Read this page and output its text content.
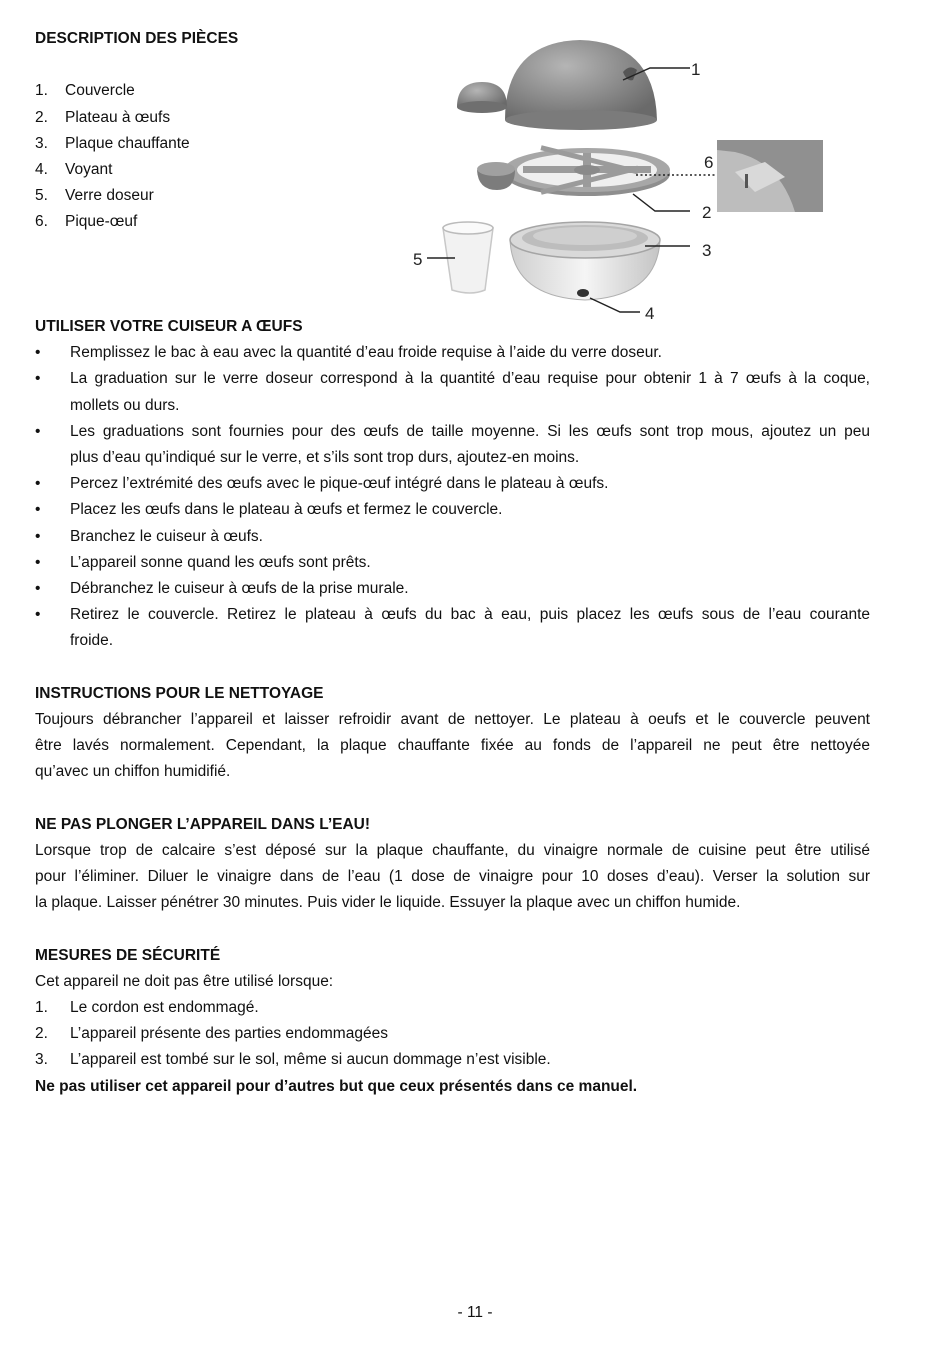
DESCRIPTION DES PIÈCES
1. Couvercle
2. Plateau à œufs
3. Plaque chauffante
4. Voyant
5. Verre doseur
6. Pique-œuf
UTILISER VOTRE CUISEUR A ŒUFS
• Remplissez le bac à eau avec la quantité d’eau froide requise à l’aide du verre doseur.
• La graduation sur le verre doseur correspond à la quantité d’eau requise pour obtenir 1 à 7 œufs à la coque,
mollets ou durs.
• Les graduations sont fournies pour des œufs de taille moyenne. Si les œufs sont trop mous, ajoutez un peu
plus d’eau qu’indiqué sur le verre, et s’ils sont trop durs, ajoutez-en moins.
• Percez l’extrémité des œufs avec le pique-œuf intégré dans le plateau à œufs.
• Placez les œufs dans le plateau à œufs et fermez le couvercle.
• Branchez le cuiseur à œufs.
• L’appareil sonne quand les œufs sont prêts.
• Débranchez le cuiseur à œufs de la prise murale.
• Retirez le couvercle. Retirez le plateau à œufs du bac à eau, puis placez les œufs sous de l’eau courante
froide.
INSTRUCTIONS POUR LE NETTOYAGE
Toujours débrancher l’appareil et laisser refroidir avant de nettoyer. Le plateau à oeufs et le couvercle peuvent
être lavés normalement. Cependant, la plaque chauffante fixée au fonds de l’appareil ne peut être nettoyée
qu’avec un chiffon humidifié.
NE PAS PLONGER L’APPAREIL DANS L’EAU!
Lorsque trop de calcaire s’est déposé sur la plaque chauffante, du vinaigre normale de cuisine peut être utilisé
pour l’éliminer. Diluer le vinaigre dans de l’eau (1 dose de vinaigre pour 10 doses d’eau). Verser la solution sur
la plaque. Laisser pénétrer 30 minutes. Puis vider le liquide. Essuyer la plaque avec un chiffon humide.
MESURES DE SÉCURITÉ
Cet appareil ne doit pas être utilisé lorsque:
1. Le cordon est endommagé.
2. L’appareil présente des parties endommagées
3. L’appareil est tombé sur le sol, même si aucun dommage n’est visible.
Ne pas utiliser cet appareil pour d’autres but que ceux présentés dans ce manuel.
1
2
3
4
5
6
- 11 -
